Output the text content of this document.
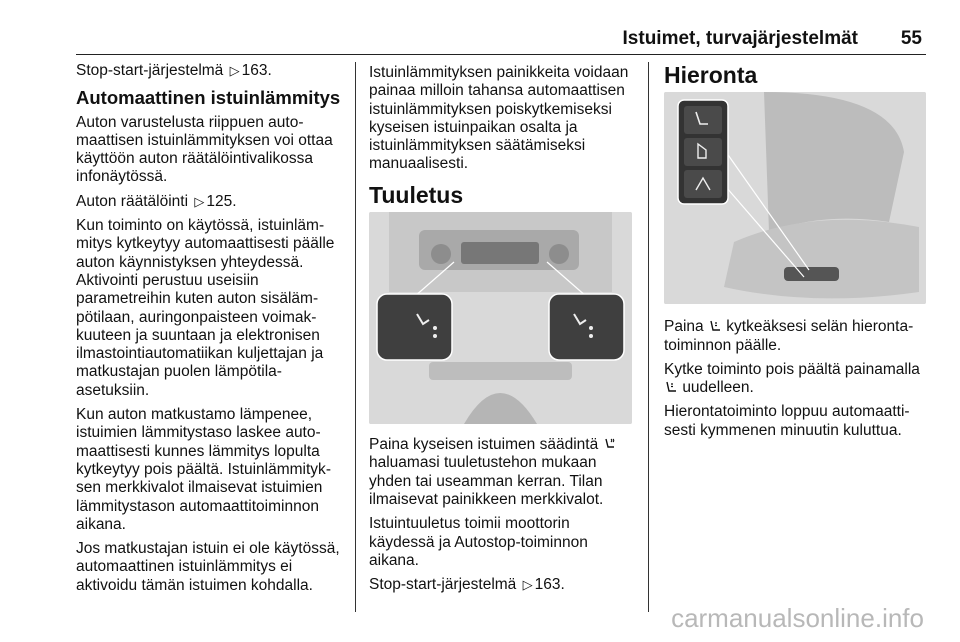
Istuimet, turvajärjestelmät 55

Stop-start-järjestelmä ▷ 163.

Automaattinen istuinlämmitys

Auton varustelusta riippuen automaattisen istuinlämmityksen voi ottaa käyttöön auton räätälöintivalikossa infonäytössä.

Auton räätälöinti ▷ 125.

Kun toiminto on käytössä, istuinlämmitys kytkeytyy automaattisesti päälle auton käynnistyksen yhteydessä. Aktivointi perustuu useisiin parametreihin kuten auton sisälämpötilaan, auringonpaisteen voimakkuuteen ja suuntaan ja elektronisen ilmastointiautomatiikan kuljettajan ja matkustajan puolen lämpötilaasetuksiin.

Kun auton matkustamo lämpenee, istuimien lämmitystaso laskee automaattisesti kunnes lämmitys lopulta kytkeytyy pois päältä. Istuinlämmityksen merkkivalot ilmaisevat istuimien lämmitystason automaattitoiminnon aikana.

Jos matkustajan istuin ei ole käytössä, automaattinen istuinlämmitys ei aktivoidu tämän istuimen kohdalla.

Istuinlämmityksen painikkeita voidaan painaa milloin tahansa automaattisen istuinlämmityksen poiskytkemiseksi kyseisen istuinpaikan osalta ja istuinlämmityksen säätämiseksi manuaalisesti.

Tuuletus

Paina kyseisen istuimen säädintä  haluamasi tuuletustehon mukaan yhden tai useamman kerran. Tilan ilmaisevat painikkeen merkkivalot.

Istuintuuletus toimii moottorin käydessä ja Autostop-toiminnon aikana.

Stop-start-järjestelmä ▷ 163.

Hieronta

Paina kytkeäksesi selän hierontatoiminnon päälle.

Kytke toiminto pois päältä painamalla  uudelleen.

Hierontatoiminto loppuu automaattisesti kymmenen minuutin kuluttua.

carmanualsonline.info
